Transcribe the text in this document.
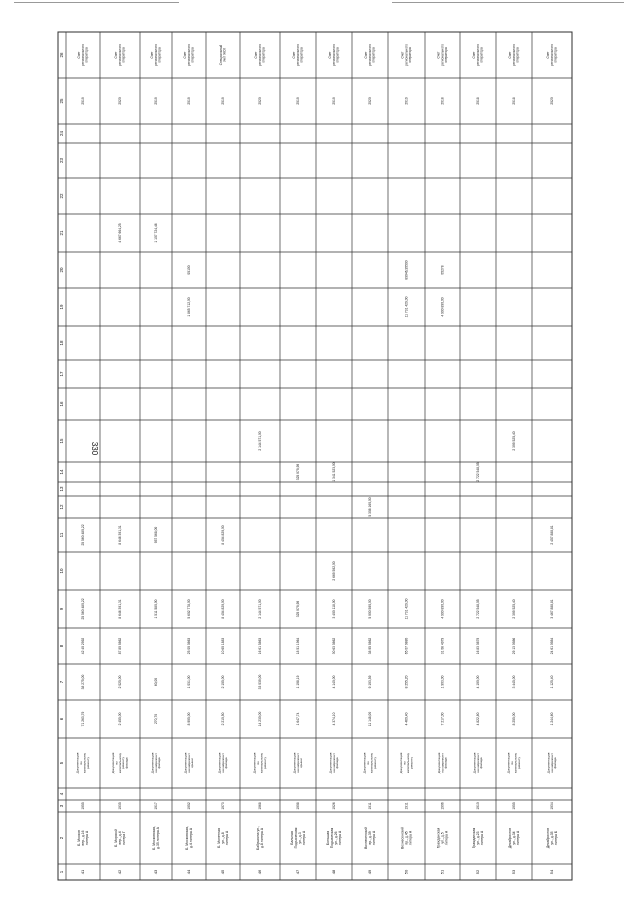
330
1
2
3
4
5
6
7
8
9
10
11
12
13
14
15
16
17
18
19
20
21
22
23
24
25
26
41
Б. Москов пер., д.16 литера А
1955
Документация по капитальному ремонту
71 263,79
38 275,00
42 40 2992
25 560 480,22
25 560 480,22
2019
Счет регионального оператора
42
Б. Морской пер., д.4 литера Г
1935
Документация по капитальному ремонту фасада
2 455,00
2 025,00
87 80 9862
8 646 391,31
8 646 391,31
4 667 664,25
2020
Счет регионального оператора
43
Б. Московская, д.35 литера А
1917
Документация на капремонт фасада
270,70
60,00
1 511 580,00
957 568,00
1 107 724,46
2019
Счет регионального оператора
44
Б. Московская, д.4 литера А
1952
Документация на капремонт крыши
8 995,00
1 031,00
25 00 0863
5 602 778,00
1 865 712,00
05100
2019
Счет регионального оператора
45
Б. Монетная ул., д.8 литера А
1973
Документация на капремонт фасада
2 210,50
2 105,00
10 60 1883
8 404 829,00
8 404 829,00
2019
Специальный счет ЖСК
46
Бабушкина ул., д.8 литера А
1968
Документация по капитальному ремонту
14 230,00
33 039,00
16 61 5863
2 144 571,00
2 144 571,00
2020
Счет регионального оператора
47
Бальная Подъяческая ул., д.3 литера А
1908
Документация на капремонт крыши
1 647,74
1 198,19
18 51 1964
325 979,99
325 979,99
2019
Счет регионального оператора
48
Большая Подьяческая ул., д.26 литера А
1926
Документация на капремонт фасада
4 374,10
4 140,00
30 63 0862
3 400 118,00
2 669 592,00
1 341 523,00
2019
Счет регионального оператора
49
Вознесенский пр., д.39 литера А
1911
Документация по капитальному ремонту
11 148,00
9 193,59
38 95 9862
5 900 590,00
5 308 160,00
2020
Счет регионального оператора
50
Вознесенский пр., д.45 литера А
1911
Документация по капитальному ремонту
4 460,40
8 255,20
65 07 0880
11 731 429,00
11 731 429,00
89046,95590
2019
Счет регионального оператора
51
Гражданская ул., д.5 литера А
1906
Документация на капремонт фасада
7 217,00
1 903,00
31 08 4979
4 990 890,00
4 990 890,00
05278
2018
Счет регионального оператора
52
Гражданская ул., д.23 литера А
1910
Документация на капремонт фасада
4 822,80
4 190,00
16 83 0879
2 722 548,05
2 722 548,05
2018
Счет регионального оператора
53
Декабристов ул., д.34 литера А
1955
Документация по капитальному ремонту
8 255,00
3 445,00
29 13 0986
2 399 525,40
2 399 525,40
2018
Счет регионального оператора
54
Декабристов ул., д.35 литера Б
1934
Документация на капремонт фасада
1 244,60
1 125,40
24 61 0984
3 467 888,81
2 457 888,81
2020
Счет регионального оператора
